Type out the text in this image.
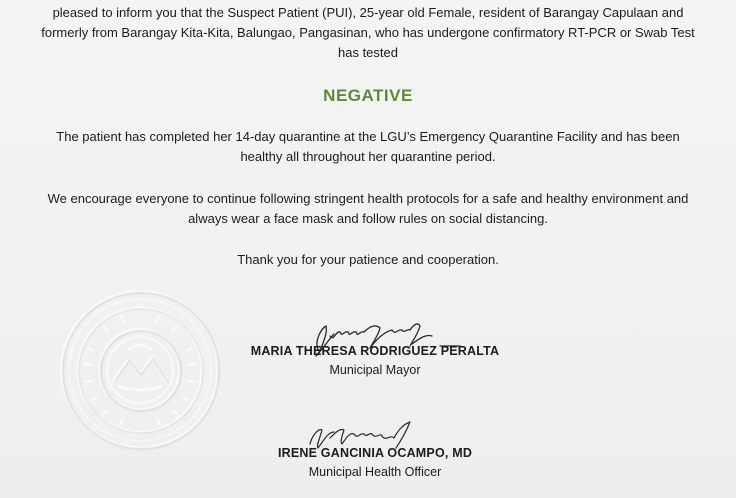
pleased to inform you that the Suspect Patient (PUI), 25-year old Female, resident of Barangay Capulaan and formerly from Barangay Kita-Kita, Balungao, Pangasinan, who has undergone confirmatory RT-PCR or Swab Test has tested
NEGATIVE
The patient has completed her 14-day quarantine at the LGU’s Emergency Quarantine Facility and has been healthy all throughout her quarantine period.
We encourage everyone to continue following stringent health protocols for a safe and healthy environment and always wear a face mask and follow rules on social distancing.
Thank you for your patience and cooperation.
MARIA THERESA RODRIGUEZ PERALTA
Municipal Mayor
IRENE GANCINIA OCAMPO, MD
Municipal Health Officer
